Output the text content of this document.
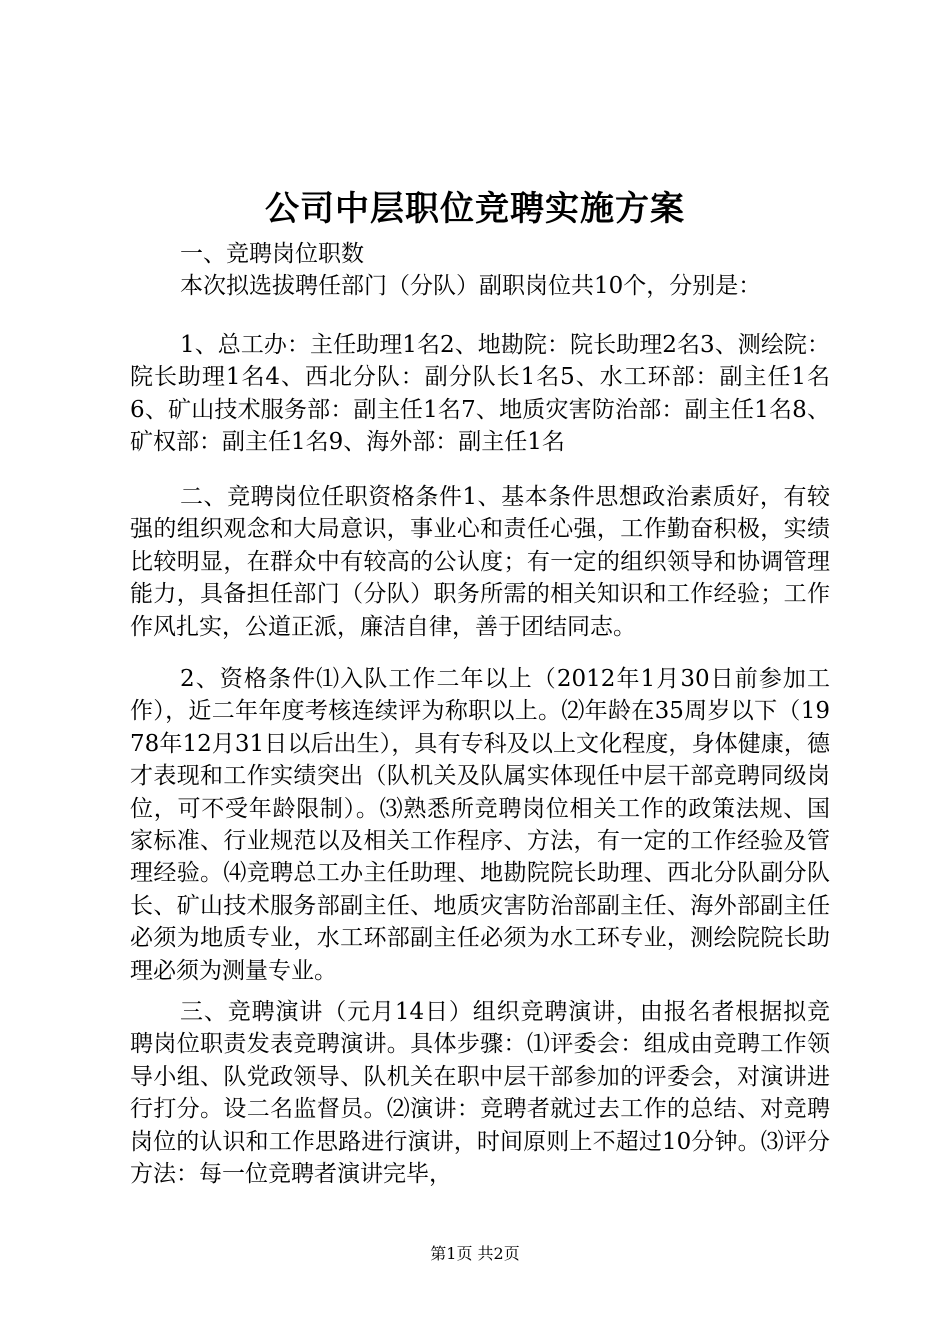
公司中层职位竞聘实施方案
一、竞聘岗位职数
本次拟选拔聘任部门（分队）副职岗位共10个，分别是：
1、总工办：主任助理1名2、地勘院：院长助理2名3、测绘院：院长助理1名4、西北分队：副分队长1名5、水工环部：副主任1名6、矿山技术服务部：副主任1名7、地质灾害防治部：副主任1名8、矿权部：副主任1名9、海外部：副主任1名
二、竞聘岗位任职资格条件1、基本条件思想政治素质好，有较强的组织观念和大局意识，事业心和责任心强，工作勤奋积极，实绩比较明显，在群众中有较高的公认度；有一定的组织领导和协调管理能力，具备担任部门（分队）职务所需的相关知识和工作经验；工作作风扎实，公道正派，廉洁自律，善于团结同志。
2、资格条件⑴入队工作二年以上（2012年1月30日前参加工作），近二年年度考核连续评为称职以上。⑵年龄在35周岁以下（1978年12月31日以后出生），具有专科及以上文化程度，身体健康，德才表现和工作实绩突出（队机关及队属实体现任中层干部竞聘同级岗位，可不受年龄限制）。⑶熟悉所竞聘岗位相关工作的政策法规、国家标准、行业规范以及相关工作程序、方法，有一定的工作经验及管理经验。⑷竞聘总工办主任助理、地勘院院长助理、西北分队副分队长、矿山技术服务部副主任、地质灾害防治部副主任、海外部副主任必须为地质专业，水工环部副主任必须为水工环专业，测绘院院长助理必须为测量专业。
三、竞聘演讲（元月14日）组织竞聘演讲，由报名者根据拟竞聘岗位职责发表竞聘演讲。具体步骤：⑴评委会：组成由竞聘工作领导小组、队党政领导、队机关在职中层干部参加的评委会，对演讲进行打分。设二名监督员。⑵演讲：竞聘者就过去工作的总结、对竞聘岗位的认识和工作思路进行演讲，时间原则上不超过10分钟。⑶评分方法：每一位竞聘者演讲完毕，
第1页 共2页
